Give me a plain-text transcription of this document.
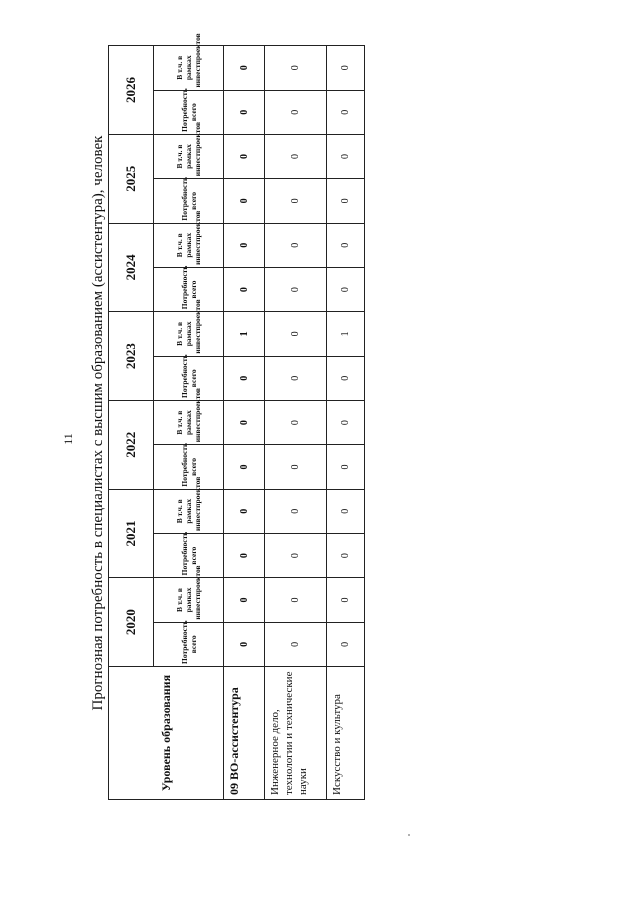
11 Прогнозная потребность в специалистах с высшим образованием (ассистентура), человек
Уровень образования	2020		2021		2022		2023		2024		2025		2026	
	Потребность всего	В т.ч. в рамках инвестпроектов	Потребность всего	В т.ч. в рамках инвестпроектов	Потребность всего	В т.ч. в рамках инвестпроектов	Потребность всего	В т.ч. в рамках инвестпроектов	Потребность всего	В т.ч. в рамках инвестпроектов	Потребность всего	В т.ч. в рамках инвестпроектов	Потребность всего	В т.ч. в рамках инвестпроектов
09 ВО-ассистентура	0	0	0	0	0	0	0	1	0	0	0	0	0	0
Инженерное дело, технологии и технические науки	0	0	0	0	0	0	0	0	0	0	0	0	0	0
Искусство и культура	0	0	0	0	0	0	0	1	0	0	0	0	0	0
